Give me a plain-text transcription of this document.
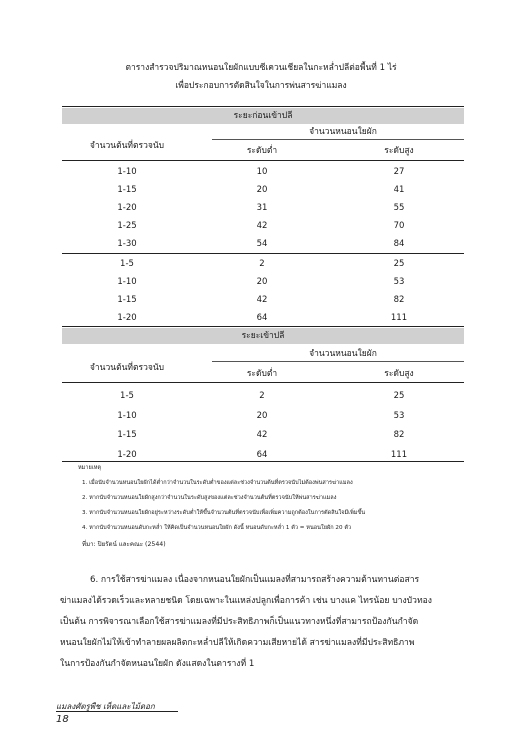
ตารางสำรวจปริมาณหนอนใยผักแบบซีเควนเชียลในกะหล่ำปลีต่อพื้นที่ 1 ไร่
เพื่อประกอบการตัดสินใจในการพ่นสารฆ่าแมลง
ระยะก่อนเข้าปลี
จำนวนต้นที่ตรวจนับ
จำนวนหนอนใยผัก
ระดับต่ำ	ระดับสูง
1-10	10	27
1-15	20	41
1-20	31	55
1-25	42	70
1-30	54	84
1-5	2	25
1-10	20	53
1-15	42	82
1-20	64	111
ระยะเข้าปลี
จำนวนต้นที่ตรวจนับ
จำนวนหนอนใยผัก
ระดับต่ำ	ระดับสูง
1-5	2	25
1-10	20	53
1-15	42	82
1-20	64	111
หมายเหตุ
1. เมื่อนับจำนวนหนอนใยผักได้ต่ำกว่าจำนวนในระดับต่ำของแต่ละช่วงจำนวนต้นที่ตรวจนับไม่ต้องพ่นสารฆ่าแมลง
2. หากนับจำนวนหนอนใยผักสูงกว่าจำนวนในระดับสูงของแต่ละช่วงจำนวนต้นที่ตรวจนับให้พ่นสารฆ่าแมลง
3. หากนับจำนวนหนอนใยผักอยู่ระหว่างระดับต่ำให้ขึ้นจำนวนต้นที่ตรวจนับเพื่อเพิ่มความถูกต้องในการตัดสินใจมีเพิ่มขึ้น
4. หากนับจำนวนหนอนดับกะหล่ำ ให้คิดเป็นจำนวนหนอนใยผัก ดังนี้ หนอนดับกะหล่ำ 1 ตัว = หนอนใยผัก 20 ตัว
ที่มา: ปิยรัตน์ และคณะ (2544)
6. การใช้สารฆ่าแมลง เนื่องจากหนอนใยผักเป็นแมลงที่สามารถสร้างความต้านทานต่อสาร
ฆ่าแมลงได้รวดเร็วและหลายชนิด โดยเฉพาะในแหล่งปลูกเพื่อการค้า เช่น บางแค ไทรน้อย บางบัวทอง
เป็นต้น การพิจารณาเลือกใช้สารฆ่าแมลงที่มีประสิทธิภาพก็เป็นแนวทางหนึ่งที่สามารถป้องกันกำจัด
หนอนใยผักไม่ให้เข้าทำลายผลผลิตกะหล่ำปลีให้เกิดความเสียหายได้ สารฆ่าแมลงที่มีประสิทธิภาพ
ในการป้องกันกำจัดหนอนใยผัก ดังแสดงในตารางที่ 1
แมลงศัตรูพืช เห็ดและไม้ดอก
18
